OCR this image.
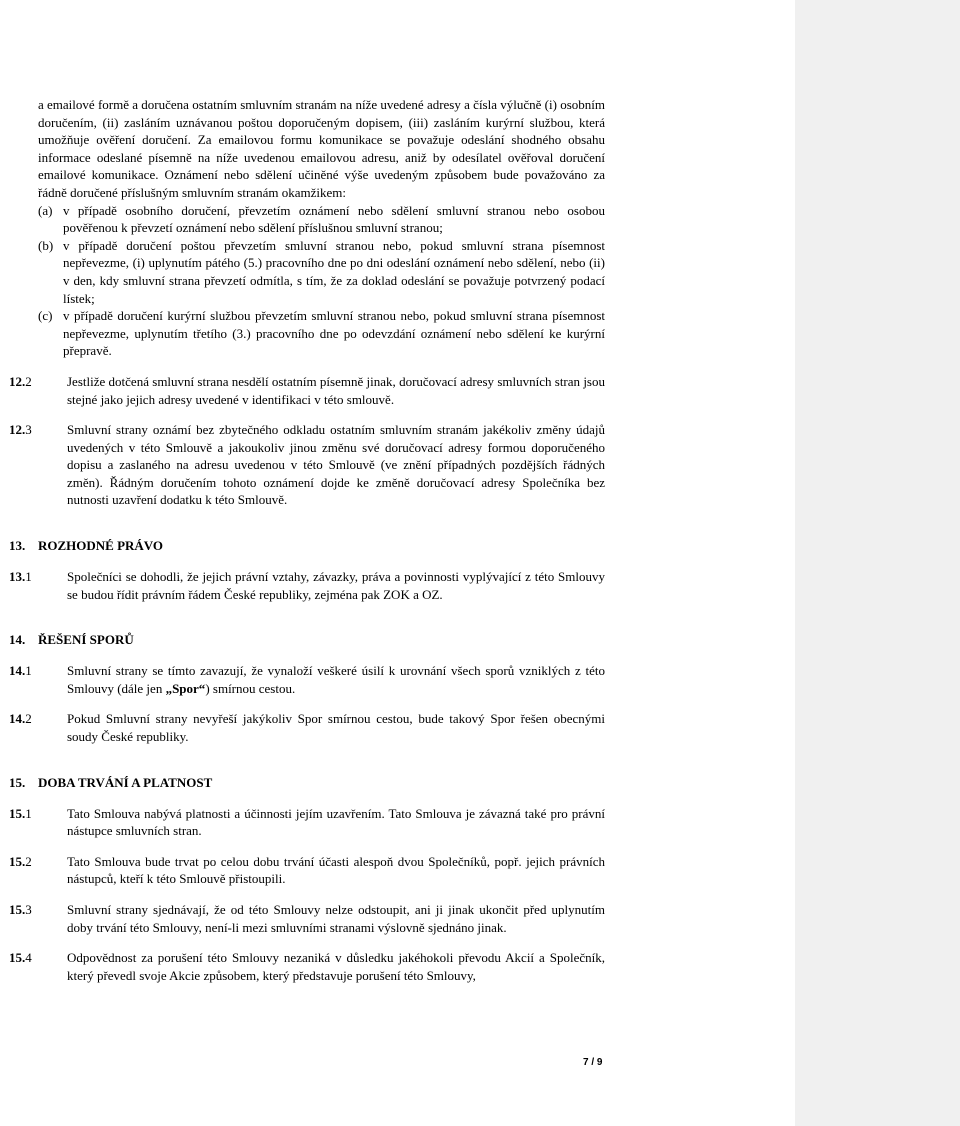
a emailové formě a doručena ostatním smluvním stranám na níže uvedené adresy a čísla výlučně (i) osobním doručením, (ii) zasláním uznávanou poštou doporučeným dopisem, (iii) zasláním kurýrní službou, která umožňuje ověření doručení. Za emailovou formu komunikace se považuje odeslání shodného obsahu informace odeslané písemně na níže uvedenou emailovou adresu, aniž by odesílatel ověřoval doručení emailové komunikace. Oznámení nebo sdělení učiněné výše uvedeným způsobem bude považováno za řádně doručené příslušným smluvním stranám okamžikem:

(a) v případě osobního doručení, převzetím oznámení nebo sdělení smluvní stranou nebo osobou pověřenou k převzetí oznámení nebo sdělení příslušnou smluvní stranou;
(b) v případě doručení poštou převzetím smluvní stranou nebo, pokud smluvní strana písemnost nepřevezme, (i) uplynutím pátého (5.) pracovního dne po dni odeslání oznámení nebo sdělení, nebo (ii) v den, kdy smluvní strana převzetí odmítla, s tím, že za doklad odeslání se považuje potvrzený podací lístek;
(c) v případě doručení kurýrní službou převzetím smluvní stranou nebo, pokud smluvní strana písemnost nepřevezme, uplynutím třetího (3.) pracovního dne po odevzdání oznámení nebo sdělení ke kurýrní přepravě.
12.2	Jestliže dotčená smluvní strana nesdělí ostatním písemně jinak, doručovací adresy smluvních stran jsou stejné jako jejich adresy uvedené v identifikaci v této smlouvě.
12.3	Smluvní strany oznámí bez zbytečného odkladu ostatním smluvním stranám jakékoliv změny údajů uvedených v této Smlouvě a jakoukoliv jinou změnu své doručovací adresy formou doporučeného dopisu a zaslaného na adresu uvedenou v této Smlouvě (ve znění případných pozdějších řádných změn). Řádným doručením tohoto oznámení dojde ke změně doručovací adresy Společníka bez nutnosti uzavření dodatku k této Smlouvě.
13. ROZHODNÉ PRÁVO
13.1	Společníci se dohodli, že jejich právní vztahy, závazky, práva a povinnosti vyplývající z této Smlouvy se budou řídit právním řádem České republiky, zejména pak ZOK a OZ.
14. ŘEŠENÍ SPORŮ
14.1	Smluvní strany se tímto zavazují, že vynaloží veškeré úsilí k urovnání všech sporů vzniklých z této Smlouvy (dále jen „Spor“) smírnou cestou.
14.2	Pokud Smluvní strany nevyřeší jakýkoliv Spor smírnou cestou, bude takový Spor řešen obecnými soudy České republiky.
15. DOBA TRVÁNÍ A PLATNOST
15.1	Tato Smlouva nabývá platnosti a účinnosti jejím uzavřením. Tato Smlouva je závazná také pro právní nástupce smluvních stran.
15.2	Tato Smlouva bude trvat po celou dobu trvání účasti alespoň dvou Společníků, popř. jejich právních nástupců, kteří k této Smlouvě přistoupili.
15.3	Smluvní strany sjednávají, že od této Smlouvy nelze odstoupit, ani ji jinak ukončit před uplynutím doby trvání této Smlouvy, není-li mezi smluvními stranami výslovně sjednáno jinak.
15.4	Odpovědnost za porušení této Smlouvy nezaniká v důsledku jakéhokoli převodu Akcií a Společník, který převedl svoje Akcie způsobem, který představuje porušení této Smlouvy,
7 / 9
